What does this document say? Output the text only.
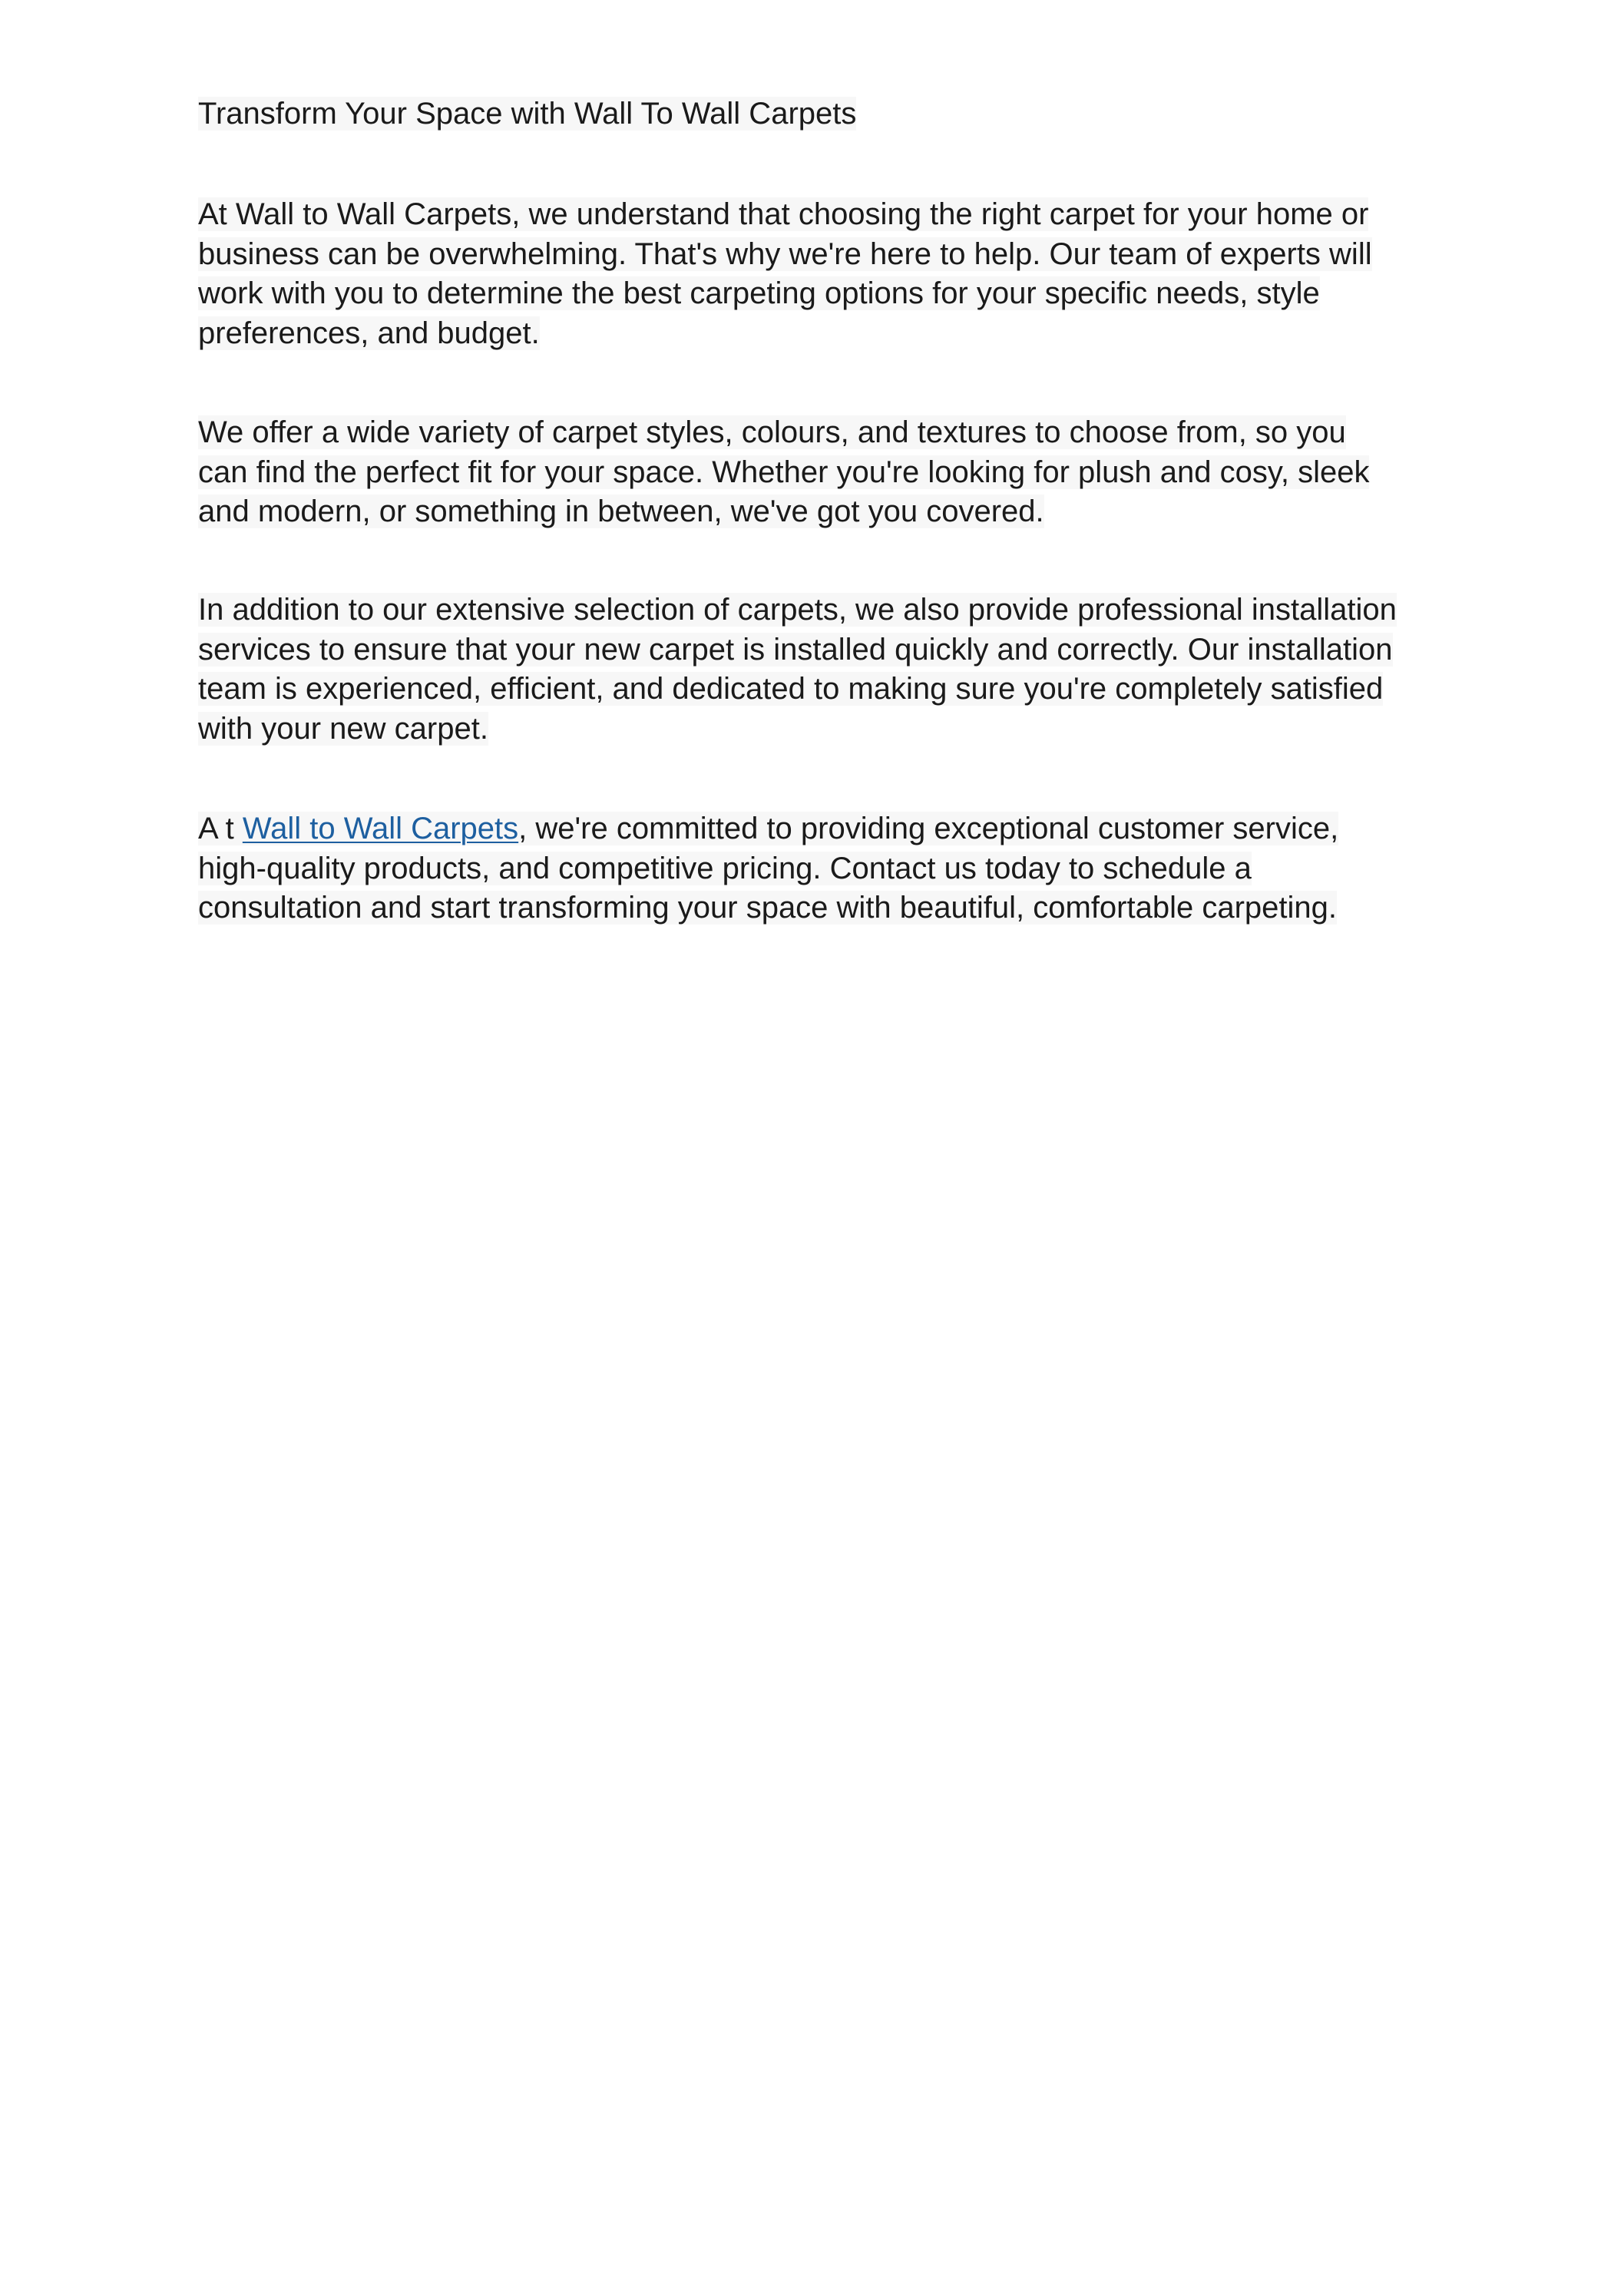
Transform Your Space with Wall To Wall Carpets

At Wall to Wall Carpets, we understand that choosing the right carpet for your home or
business can be overwhelming. That's why we're here to help. Our team of experts will
work with you to determine the best carpeting options for your specific needs, style
preferences, and budget.

We offer a wide variety of carpet styles, colours, and textures to choose from, so you
can find the perfect fit for your space. Whether you're looking for plush and cosy, sleek
and modern, or something in between, we've got you covered.

In addition to our extensive selection of carpets, we also provide professional installation
services to ensure that your new carpet is installed quickly and correctly. Our installation
team is experienced, efficient, and dedicated to making sure you're completely satisfied
with your new carpet.

A t Wall to Wall Carpets, we're committed to providing exceptional customer service,
high-quality products, and competitive pricing. Contact us today to schedule a
consultation and start transforming your space with beautiful, comfortable carpeting.
